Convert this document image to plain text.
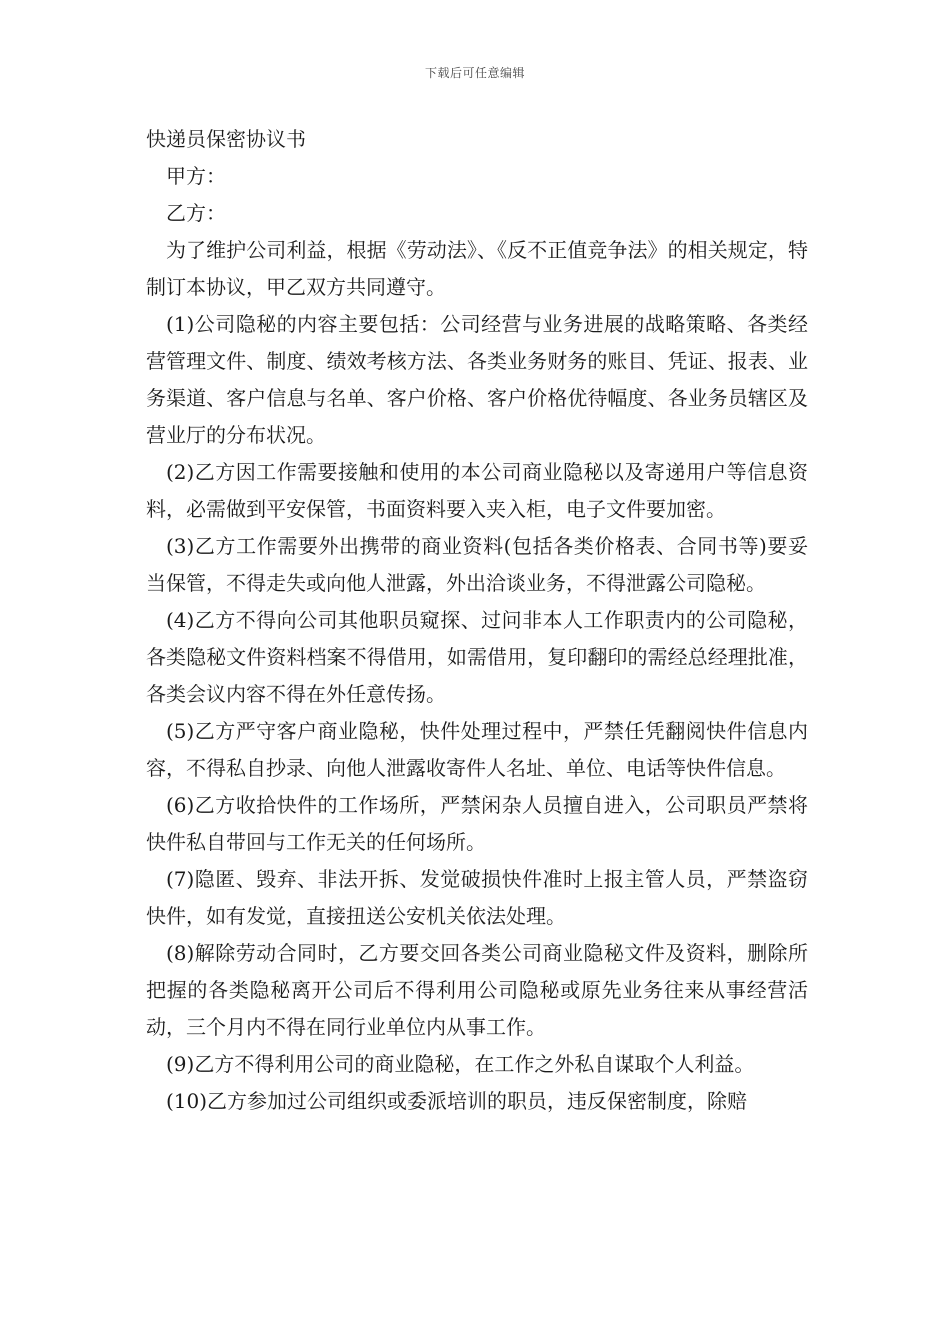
下载后可任意编辑
快递员保密协议书

甲方：

乙方：

为了维护公司利益，根据《劳动法》、《反不正值竞争法》的相关规定，特制订本协议，甲乙双方共同遵守。

(1)公司隐秘的内容主要包括：公司经营与业务进展的战略策略、各类经营管理文件、制度、绩效考核方法、各类业务财务的账目、凭证、报表、业务渠道、客户信息与名单、客户价格、客户价格优待幅度、各业务员辖区及营业厅的分布状况。

(2)乙方因工作需要接触和使用的本公司商业隐秘以及寄递用户等信息资料，必需做到平安保管，书面资料要入夹入柜，电子文件要加密。

(3)乙方工作需要外出携带的商业资料(包括各类价格表、合同书等)要妥当保管，不得走失或向他人泄露，外出洽谈业务，不得泄露公司隐秘。

(4)乙方不得向公司其他职员窥探、过问非本人工作职责内的公司隐秘，各类隐秘文件资料档案不得借用，如需借用，复印翻印的需经总经理批准，各类会议内容不得在外任意传扬。

(5)乙方严守客户商业隐秘，快件处理过程中，严禁任凭翻阅快件信息内容，不得私自抄录、向他人泄露收寄件人名址、单位、电话等快件信息。

(6)乙方收拾快件的工作场所，严禁闲杂人员擅自进入，公司职员严禁将快件私自带回与工作无关的任何场所。

(7)隐匿、毁弃、非法开拆、发觉破损快件准时上报主管人员，严禁盗窃快件，如有发觉，直接扭送公安机关依法处理。

(8)解除劳动合同时，乙方要交回各类公司商业隐秘文件及资料，删除所把握的各类隐秘离开公司后不得利用公司隐秘或原先业务往来从事经营活动，三个月内不得在同行业单位内从事工作。

(9)乙方不得利用公司的商业隐秘，在工作之外私自谋取个人利益。

(10)乙方参加过公司组织或委派培训的职员，违反保密制度，除赔
